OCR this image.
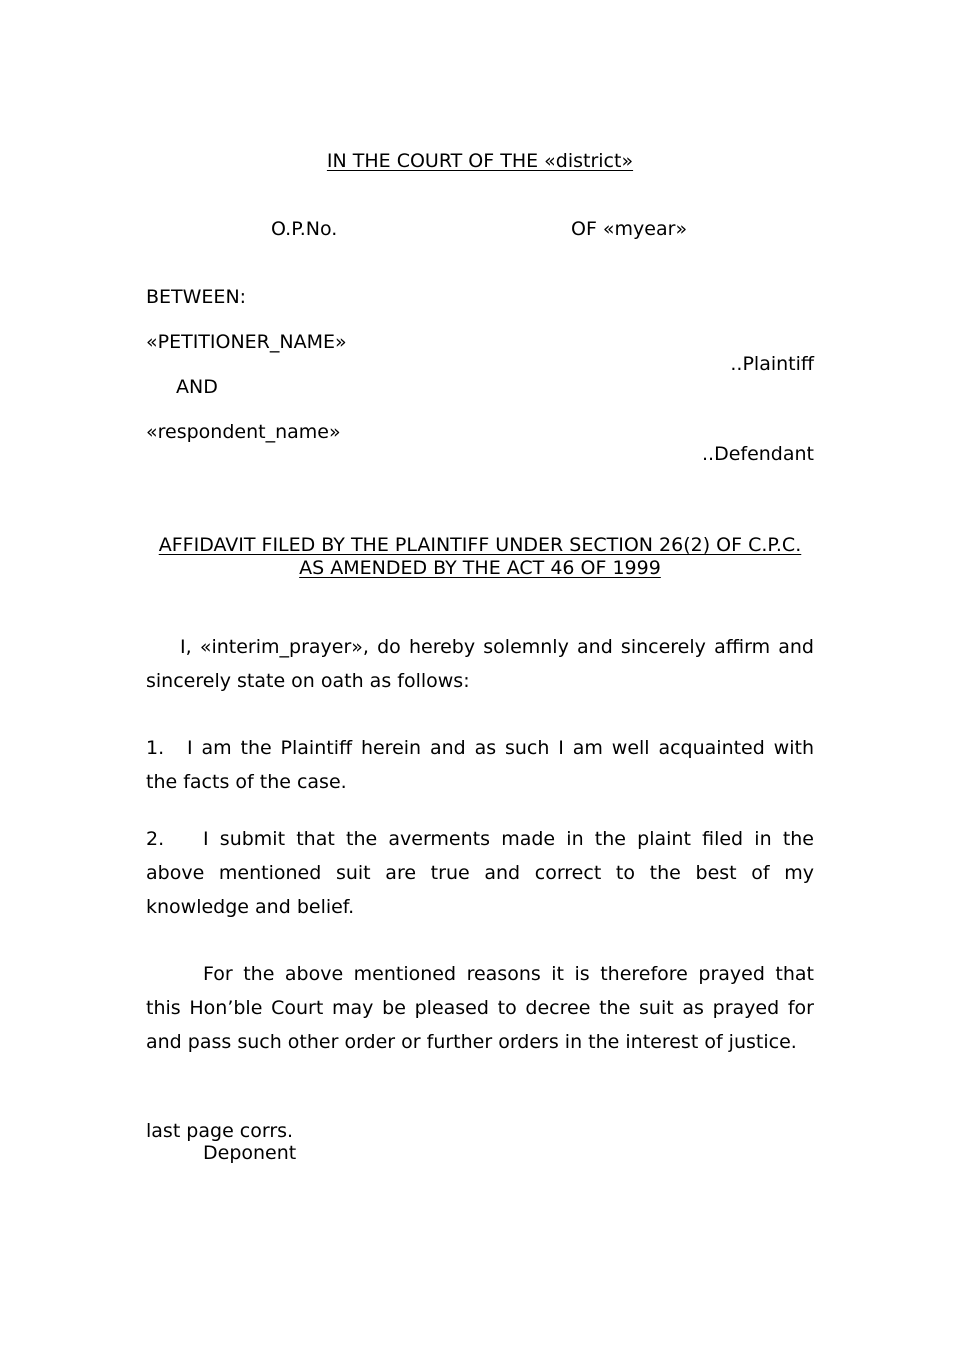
IN THE COURT OF THE «district»

O.P.No.	OF «myear»

BETWEEN:

«PETITIONER_NAME»

..Plaintiff

AND

«respondent_name»

..Defendant

AFFIDAVIT FILED BY THE PLAINTIFF UNDER SECTION 26(2) OF C.P.C.

AS AMENDED BY THE ACT 46 OF 1999

I, «interim_prayer», do hereby solemnly and sincerely affirm and sincerely state on oath as follows:

1. I am the Plaintiff herein and as such I am well acquainted with the facts of the case.
2. I submit that the averments made in the plaint filed in the above mentioned suit are true and correct to the best of my knowledge and belief.

For the above mentioned reasons it is therefore prayed that this Hon’ble Court may be pleased to decree the suit as prayed for and pass such other order or further orders in the interest of justice.

last page corrs.

Deponent
